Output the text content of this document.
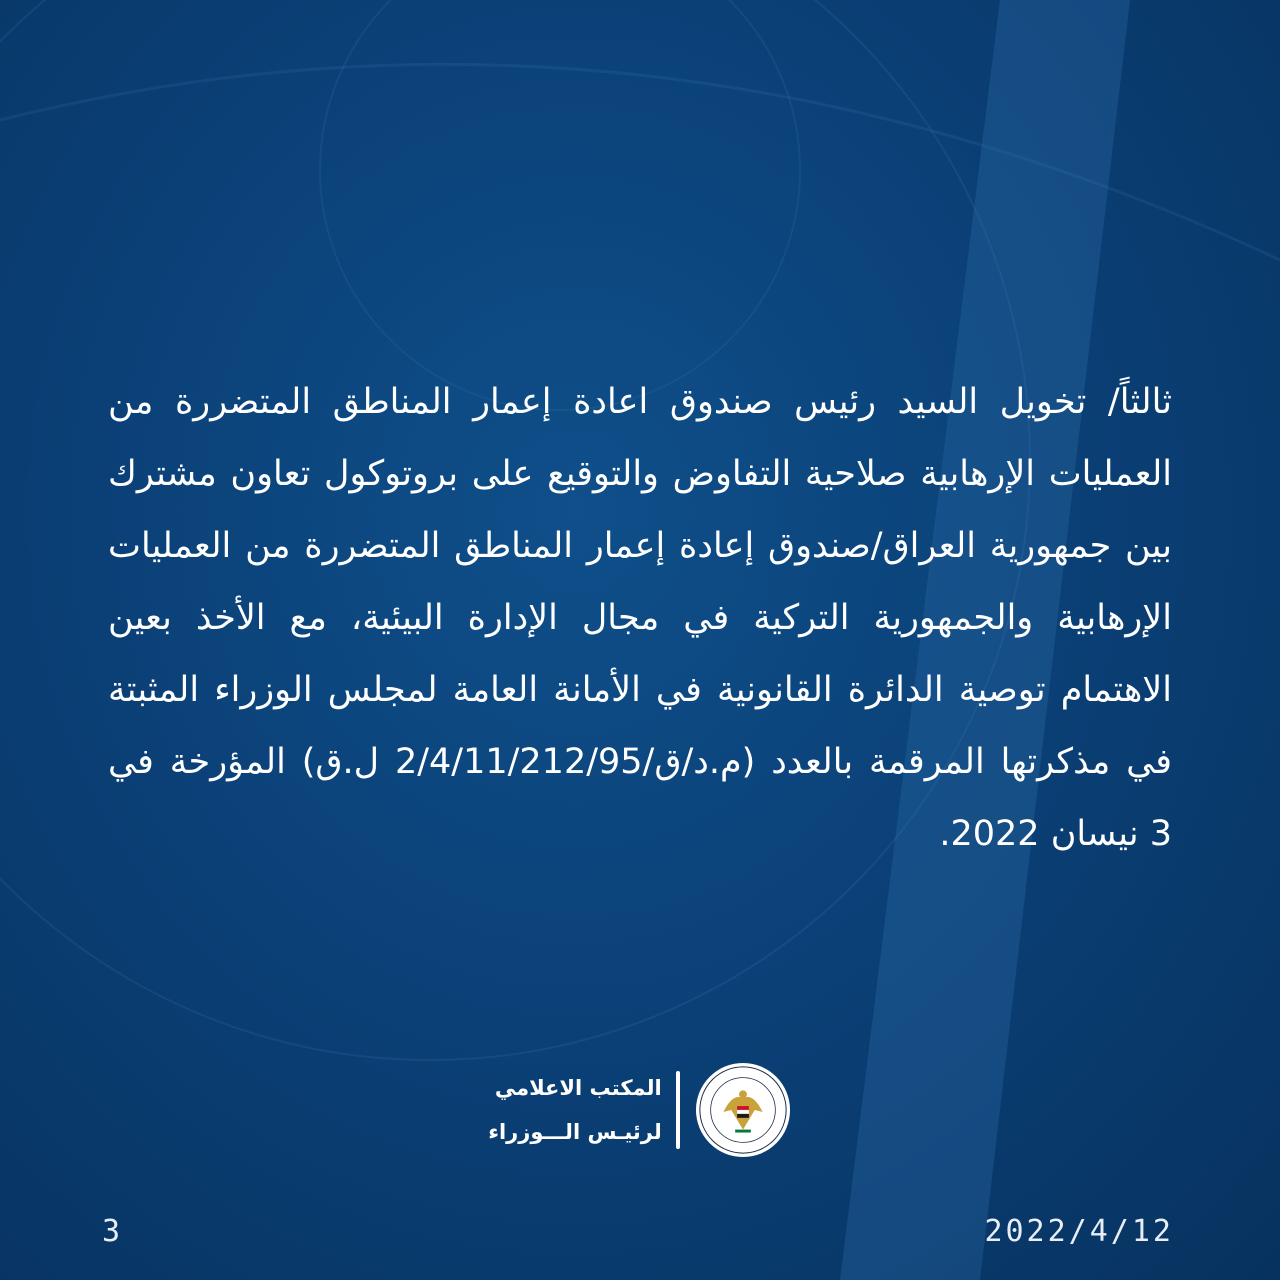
ثالثاً/ تخويل السيد رئيس صندوق اعادة إعمار المناطق المتضررة من العمليات الإرهابية صلاحية التفاوض والتوقيع على بروتوكول تعاون مشترك بين جمهورية العراق/صندوق إعادة إعمار المناطق المتضررة من العمليات الإرهابية والجمهورية التركية في مجال الإدارة البيئية، مع الأخذ بعين الاهتمام توصية الدائرة القانونية في الأمانة العامة لمجلس الوزراء المثبتة في مذكرتها المرقمة بالعدد (م.د/ق/2/4/11/212/95 ل.ق) المؤرخة في 3 نيسان 2022.

المكتب الاعلامي
لرئيـس الـــوزراء
3	2022/4/12
